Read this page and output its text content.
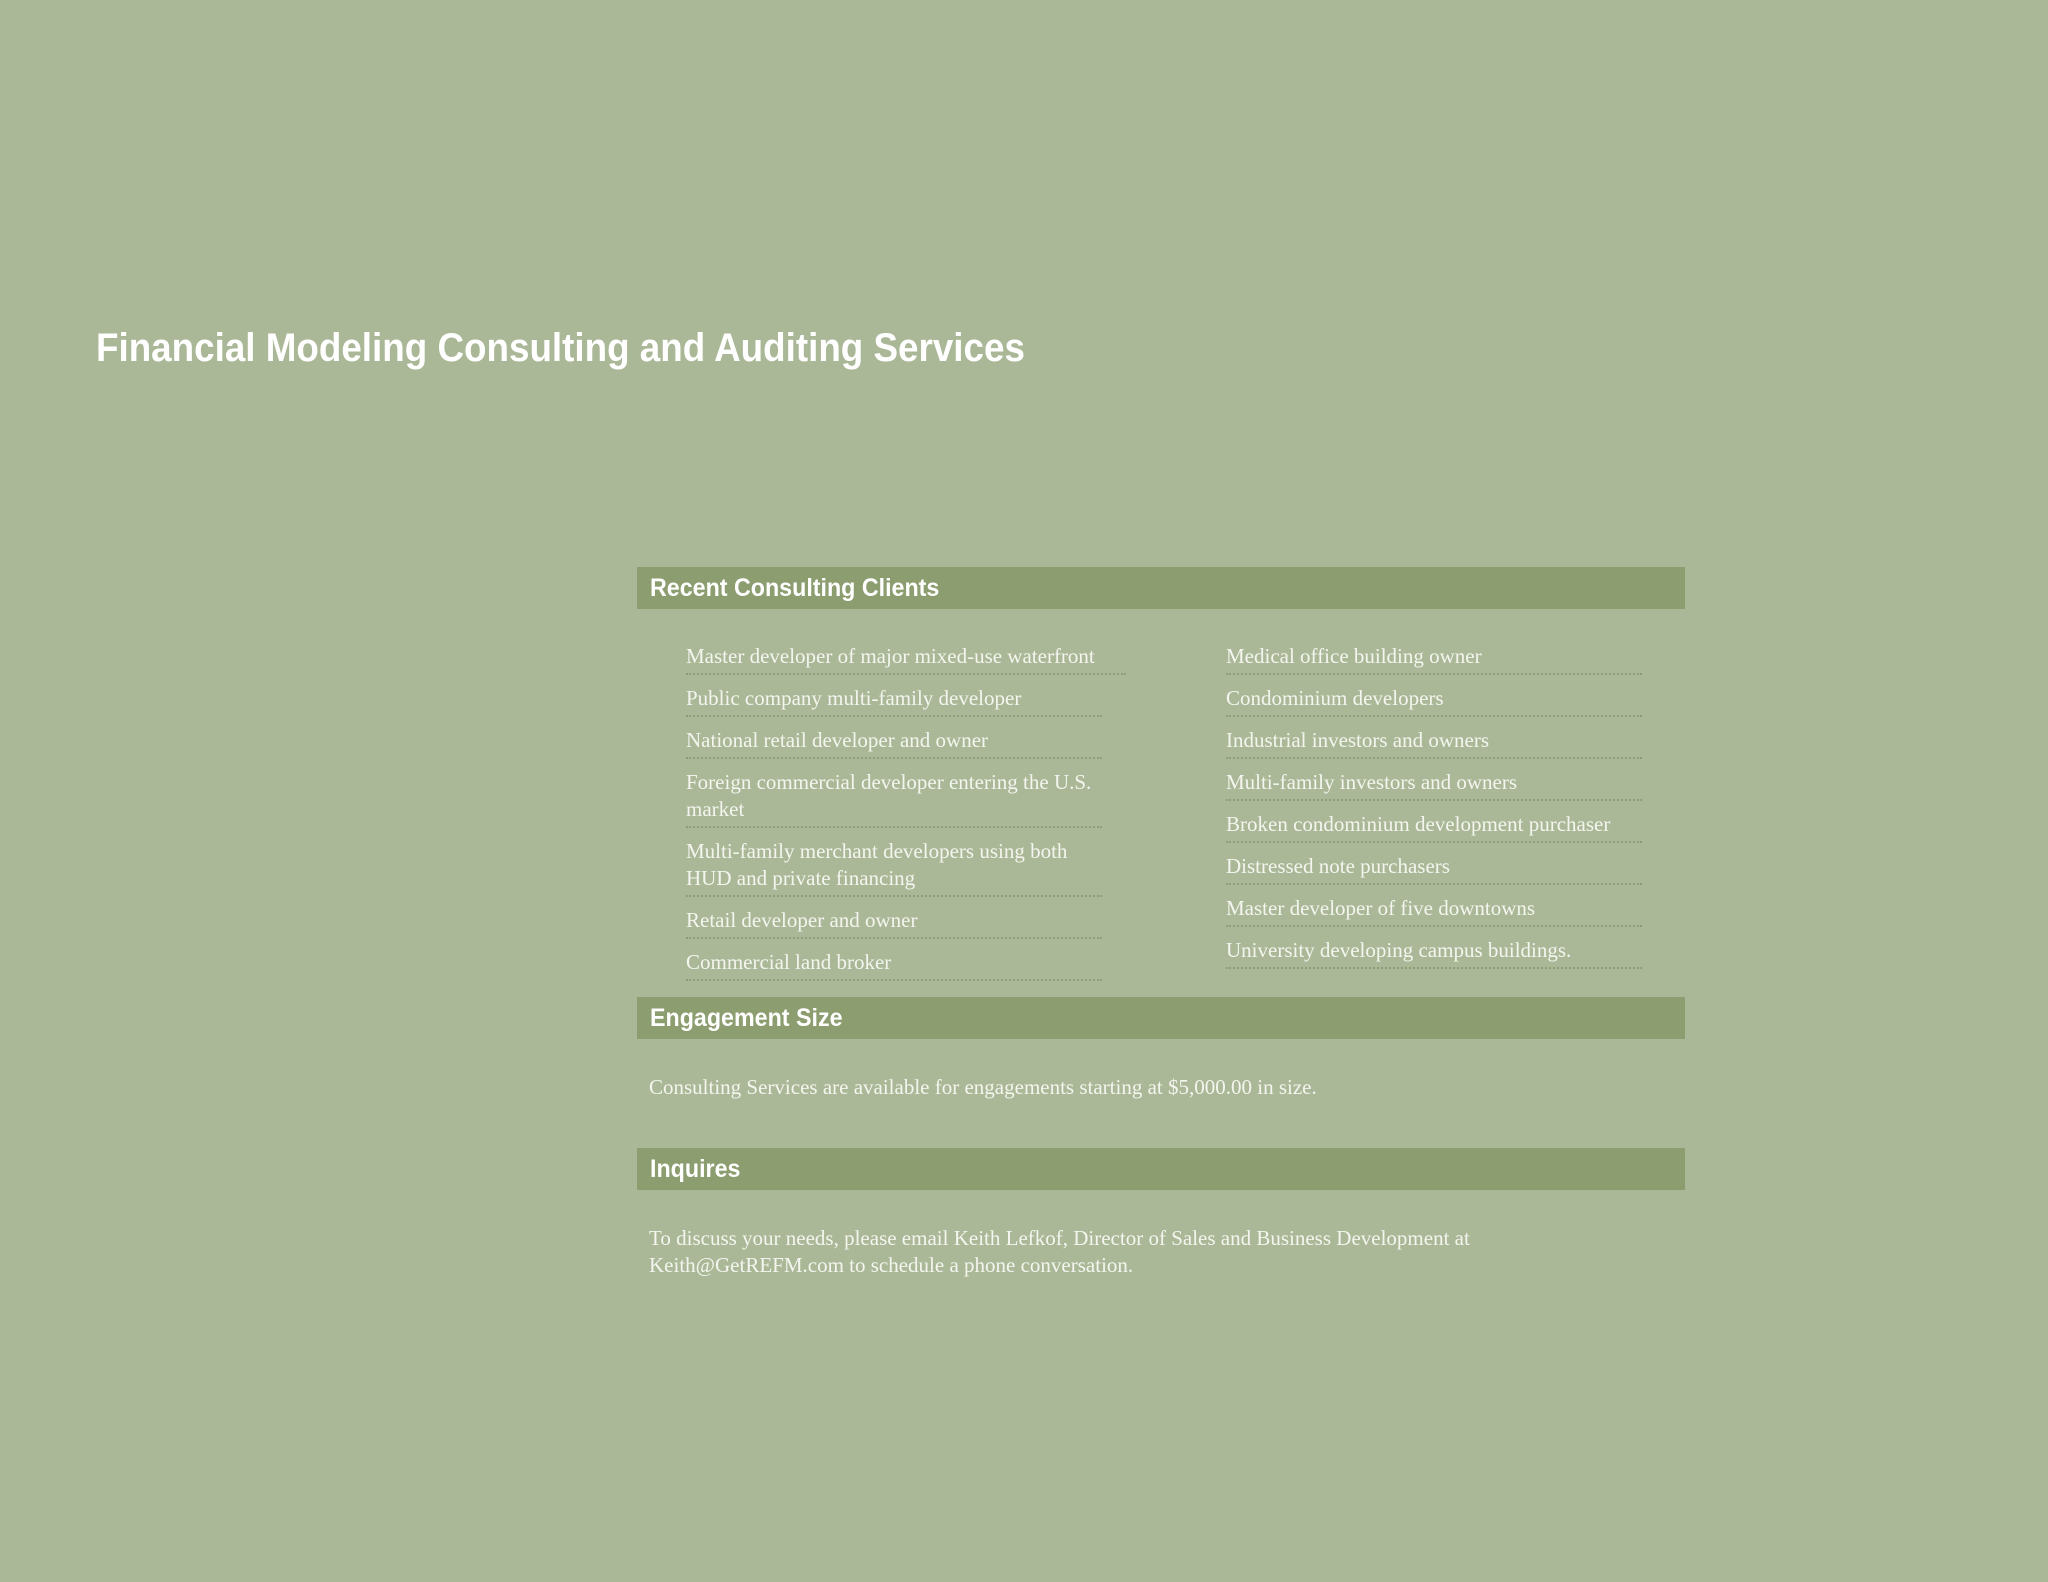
Financial Modeling Consulting and Auditing Services
Recent Consulting Clients
Master developer of major mixed-use waterfront
Public company multi-family developer
National retail developer and owner
Foreign commercial developer entering the U.S. market
Multi-family merchant developers using both HUD and private financing
Retail developer and owner
Commercial land broker
Medical office building owner
Condominium developers
Industrial investors and owners
Multi-family investors and owners
Broken condominium development purchaser
Distressed note purchasers
Master developer of five downtowns
University developing campus buildings.
Engagement Size

Consulting Services are available for engagements starting at $5,000.00 in size.

Inquires

To discuss your needs, please email Keith Lefkof, Director of Sales and Business Development at
Keith@GetREFM.com to schedule a phone conversation.
